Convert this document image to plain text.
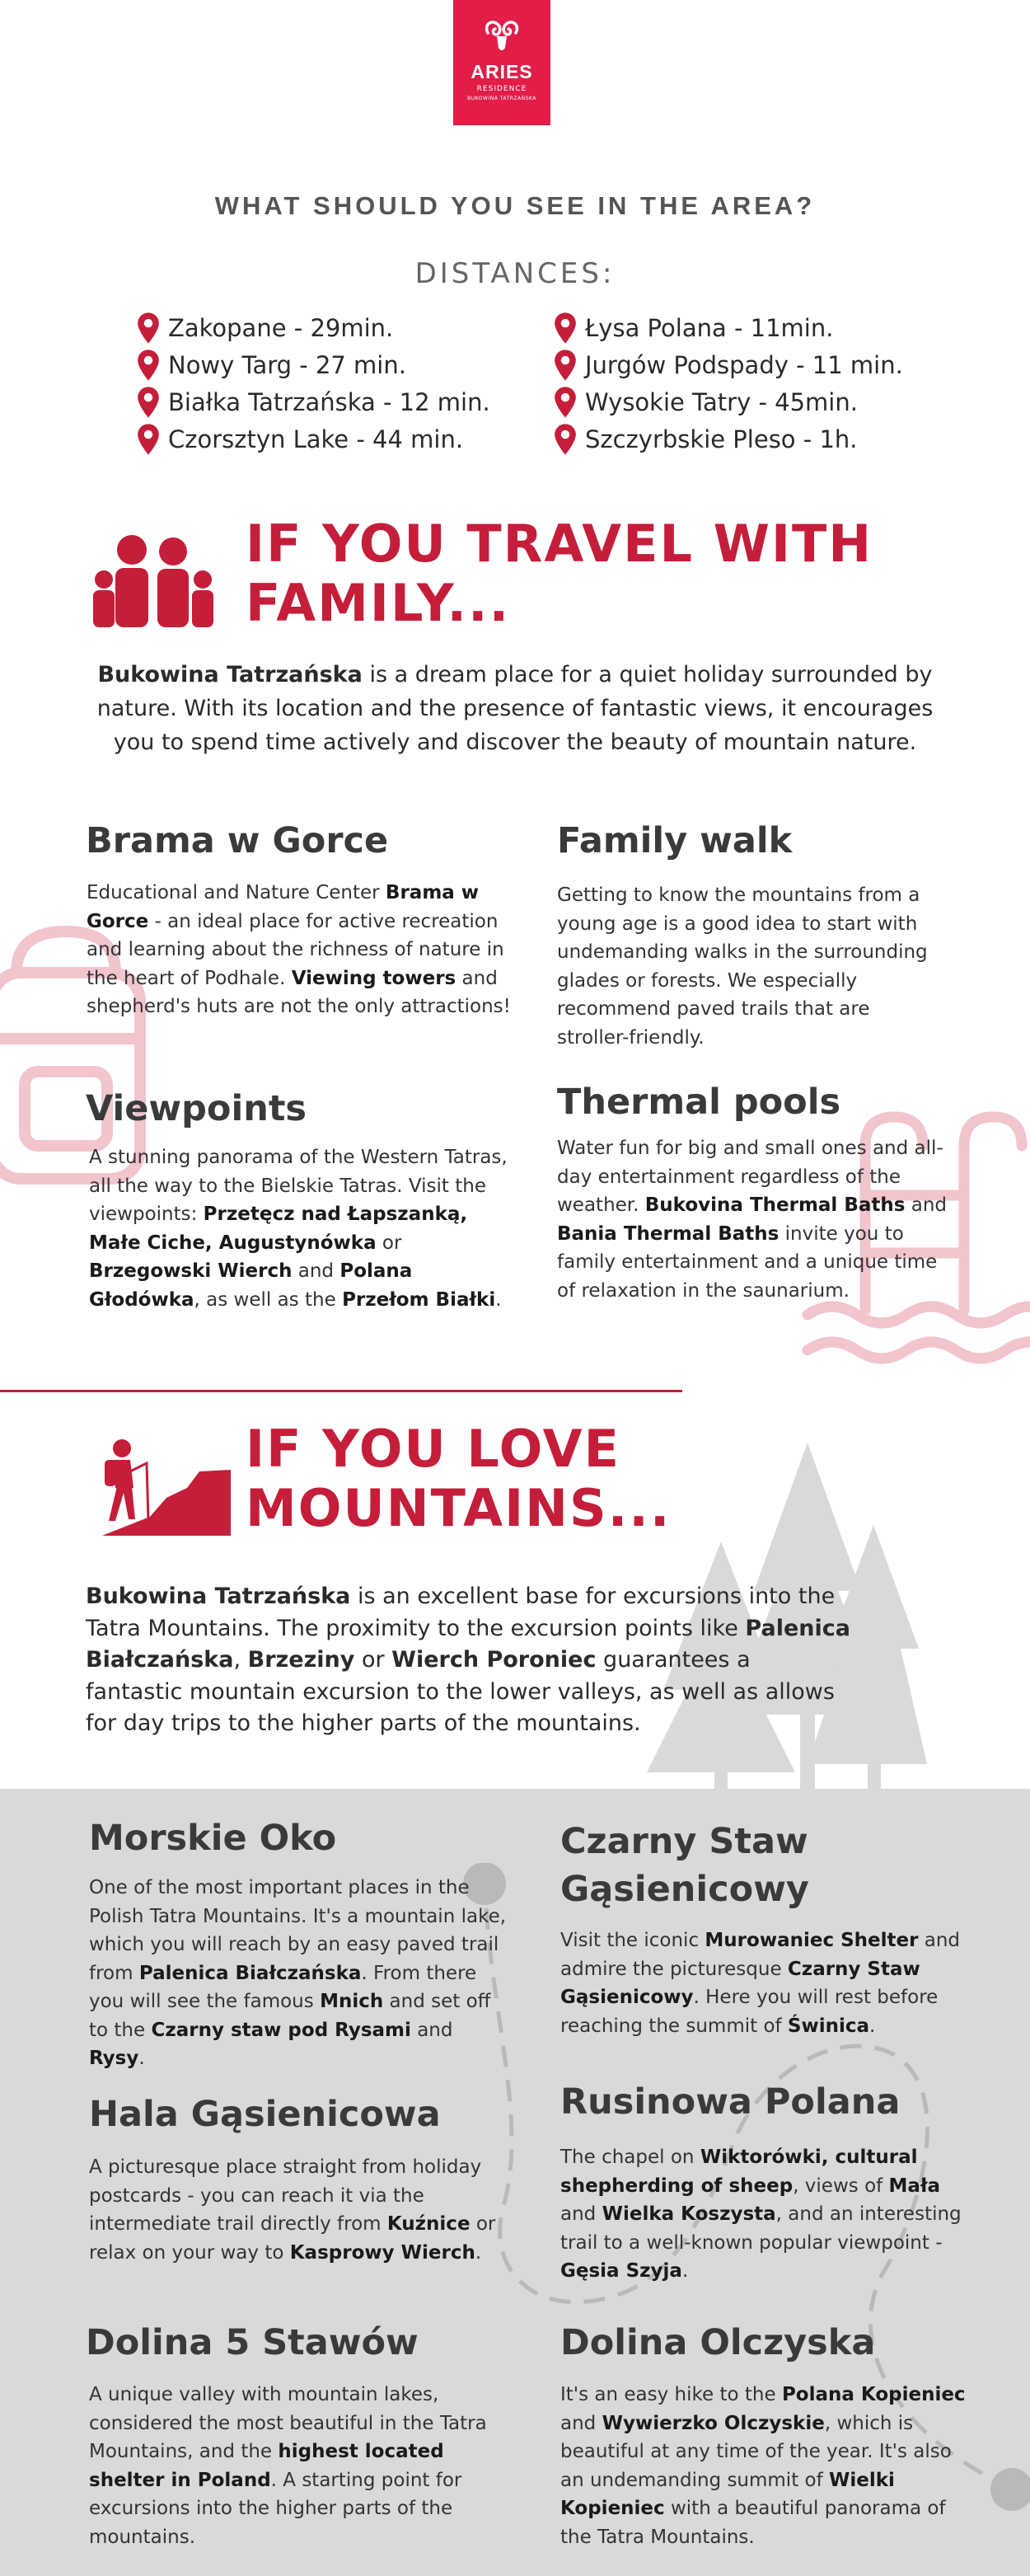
ARIES
RESIDENCE
BUKOWINA TATRZAŃSKA
WHAT SHOULD YOU SEE IN THE AREA?
DISTANCES:
Zakopane - 29min.
Nowy Targ - 27 min.
Białka Tatrzańska - 12 min.
Czorsztyn Lake - 44 min.
Łysa Polana - 11min.
Jurgów Podspady - 11 min.
Wysokie Tatry - 45min.
Szczyrbskie Pleso - 1h.
IF YOU TRAVEL WITH
FAMILY...
Bukowina Tatrzańska is a dream place for a quiet holiday surrounded by nature. With its location and the presence of fantastic views, it encourages you to spend time actively and discover the beauty of mountain nature.
Brama w Gorce
Educational and Nature Center Brama w Gorce - an ideal place for active recreation and learning about the richness of nature in the heart of Podhale. Viewing towers and shepherd's huts are not the only attractions!
Family walk
Getting to know the mountains from a young age is a good idea to start with undemanding walks in the surrounding glades or forests. We especially recommend paved trails that are stroller-friendly.
Viewpoints
A stunning panorama of the Western Tatras, all the way to the Bielskie Tatras. Visit the viewpoints: Przetęcz nad Łapszanką, Małe Ciche, Augustynówka or Brzegowski Wierch and Polana Głodówka, as well as the Przełom Białki.
Thermal pools
Water fun for big and small ones and all-day entertainment regardless of the weather. Bukovina Thermal Baths and Bania Thermal Baths invite you to family entertainment and a unique time of relaxation in the saunarium.
IF YOU LOVE
MOUNTAINS...
Bukowina Tatrzańska is an excellent base for excursions into the Tatra Mountains. The proximity to the excursion points like Palenica Białczańska, Brzeziny or Wierch Poroniec guarantees a fantastic mountain excursion to the lower valleys, as well as allows for day trips to the higher parts of the mountains.
Morskie Oko
One of the most important places in the Polish Tatra Mountains. It's a mountain lake, which you will reach by an easy paved trail from Palenica Białczańska. From there you will see the famous Mnich and set off to the Czarny staw pod Rysami and Rysy.
Czarny Staw
Gąsienicowy
Visit the iconic Murowaniec Shelter and admire the picturesque Czarny Staw Gąsienicowy. Here you will rest before reaching the summit of Świnica.
Hala Gąsienicowa
A picturesque place straight from holiday postcards - you can reach it via the intermediate trail directly from Kuźnice or relax on your way to Kasprowy Wierch.
Rusinowa Polana
The chapel on Wiktorówki, cultural shepherding of sheep, views of Mała and Wielka Koszysta, and an interesting trail to a well-known popular viewpoint - Gęsia Szyja.
Dolina 5 Stawów
A unique valley with mountain lakes, considered the most beautiful in the Tatra Mountains, and the highest located shelter in Poland. A starting point for excursions into the higher parts of the mountains.
Dolina Olczyska
It's an easy hike to the Polana Kopieniec and Wywierzko Olczyskie, which is beautiful at any time of the year. It's also an undemanding summit of Wielki Kopieniec with a beautiful panorama of the Tatra Mountains.
